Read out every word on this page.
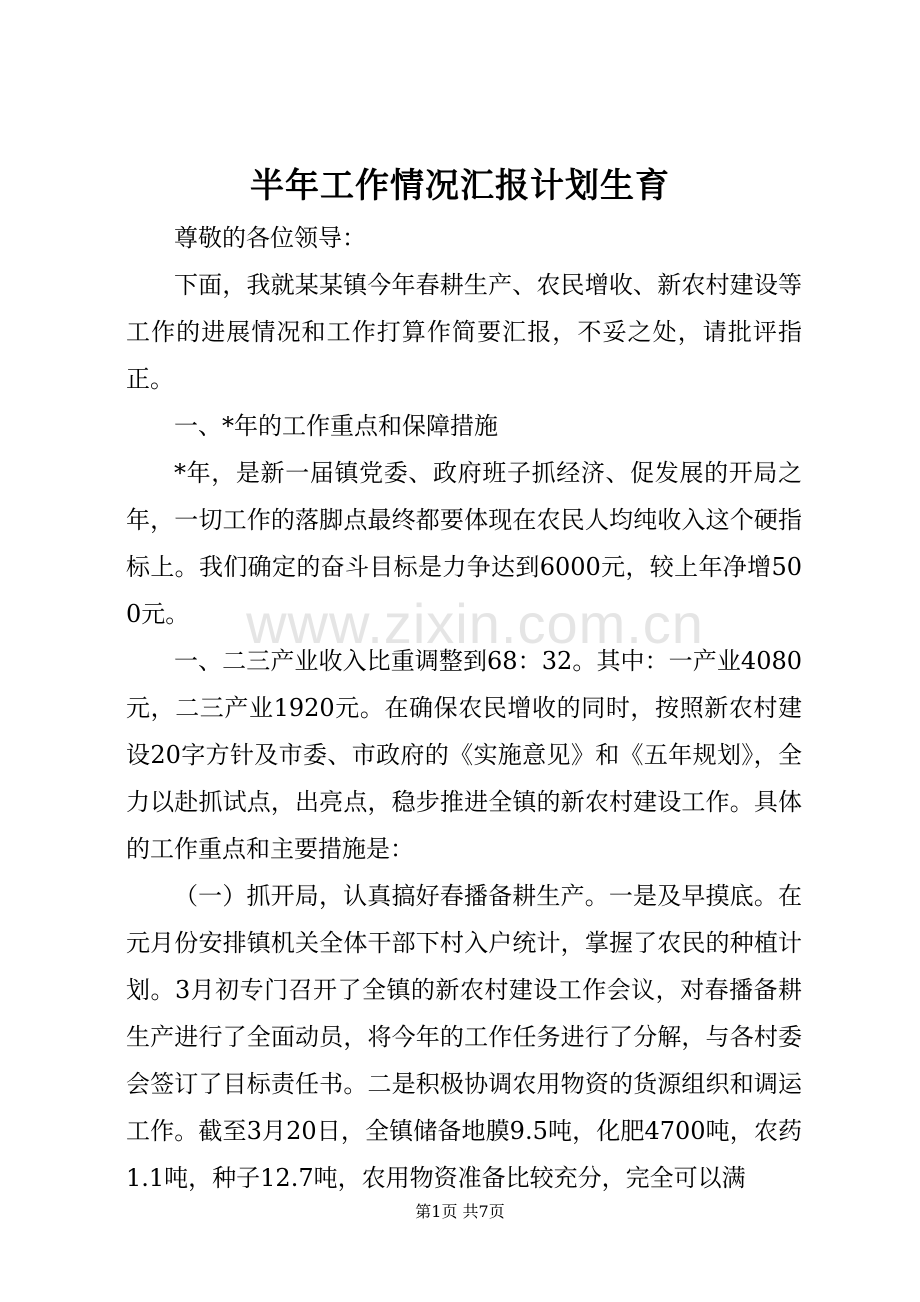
半年工作情况汇报计划生育

尊敬的各位领导：

下面，我就某某镇今年春耕生产、农民增收、新农村建设等工作的进展情况和工作打算作简要汇报，不妥之处，请批评指正。

一、*年的工作重点和保障措施

*年，是新一届镇党委、政府班子抓经济、促发展的开局之年，一切工作的落脚点最终都要体现在农民人均纯收入这个硬指标上。我们确定的奋斗目标是力争达到6000元，较上年净增500元。

一、二三产业收入比重调整到68：32。其中：一产业4080元，二三产业1920元。在确保农民增收的同时，按照新农村建设20字方针及市委、市政府的《实施意见》和《五年规划》，全力以赴抓试点，出亮点，稳步推进全镇的新农村建设工作。具体的工作重点和主要措施是：

（一）抓开局，认真搞好春播备耕生产。一是及早摸底。在元月份安排镇机关全体干部下村入户统计，掌握了农民的种植计划。3月初专门召开了全镇的新农村建设工作会议，对春播备耕生产进行了全面动员，将今年的工作任务进行了分解，与各村委会签订了目标责任书。二是积极协调农用物资的货源组织和调运工作。截至3月20日，全镇储备地膜9.5吨，化肥4700吨，农药1.1吨，种子12.7吨，农用物资准备比较充分，完全可以满

www.zixin.com.cn
第1页 共7页
